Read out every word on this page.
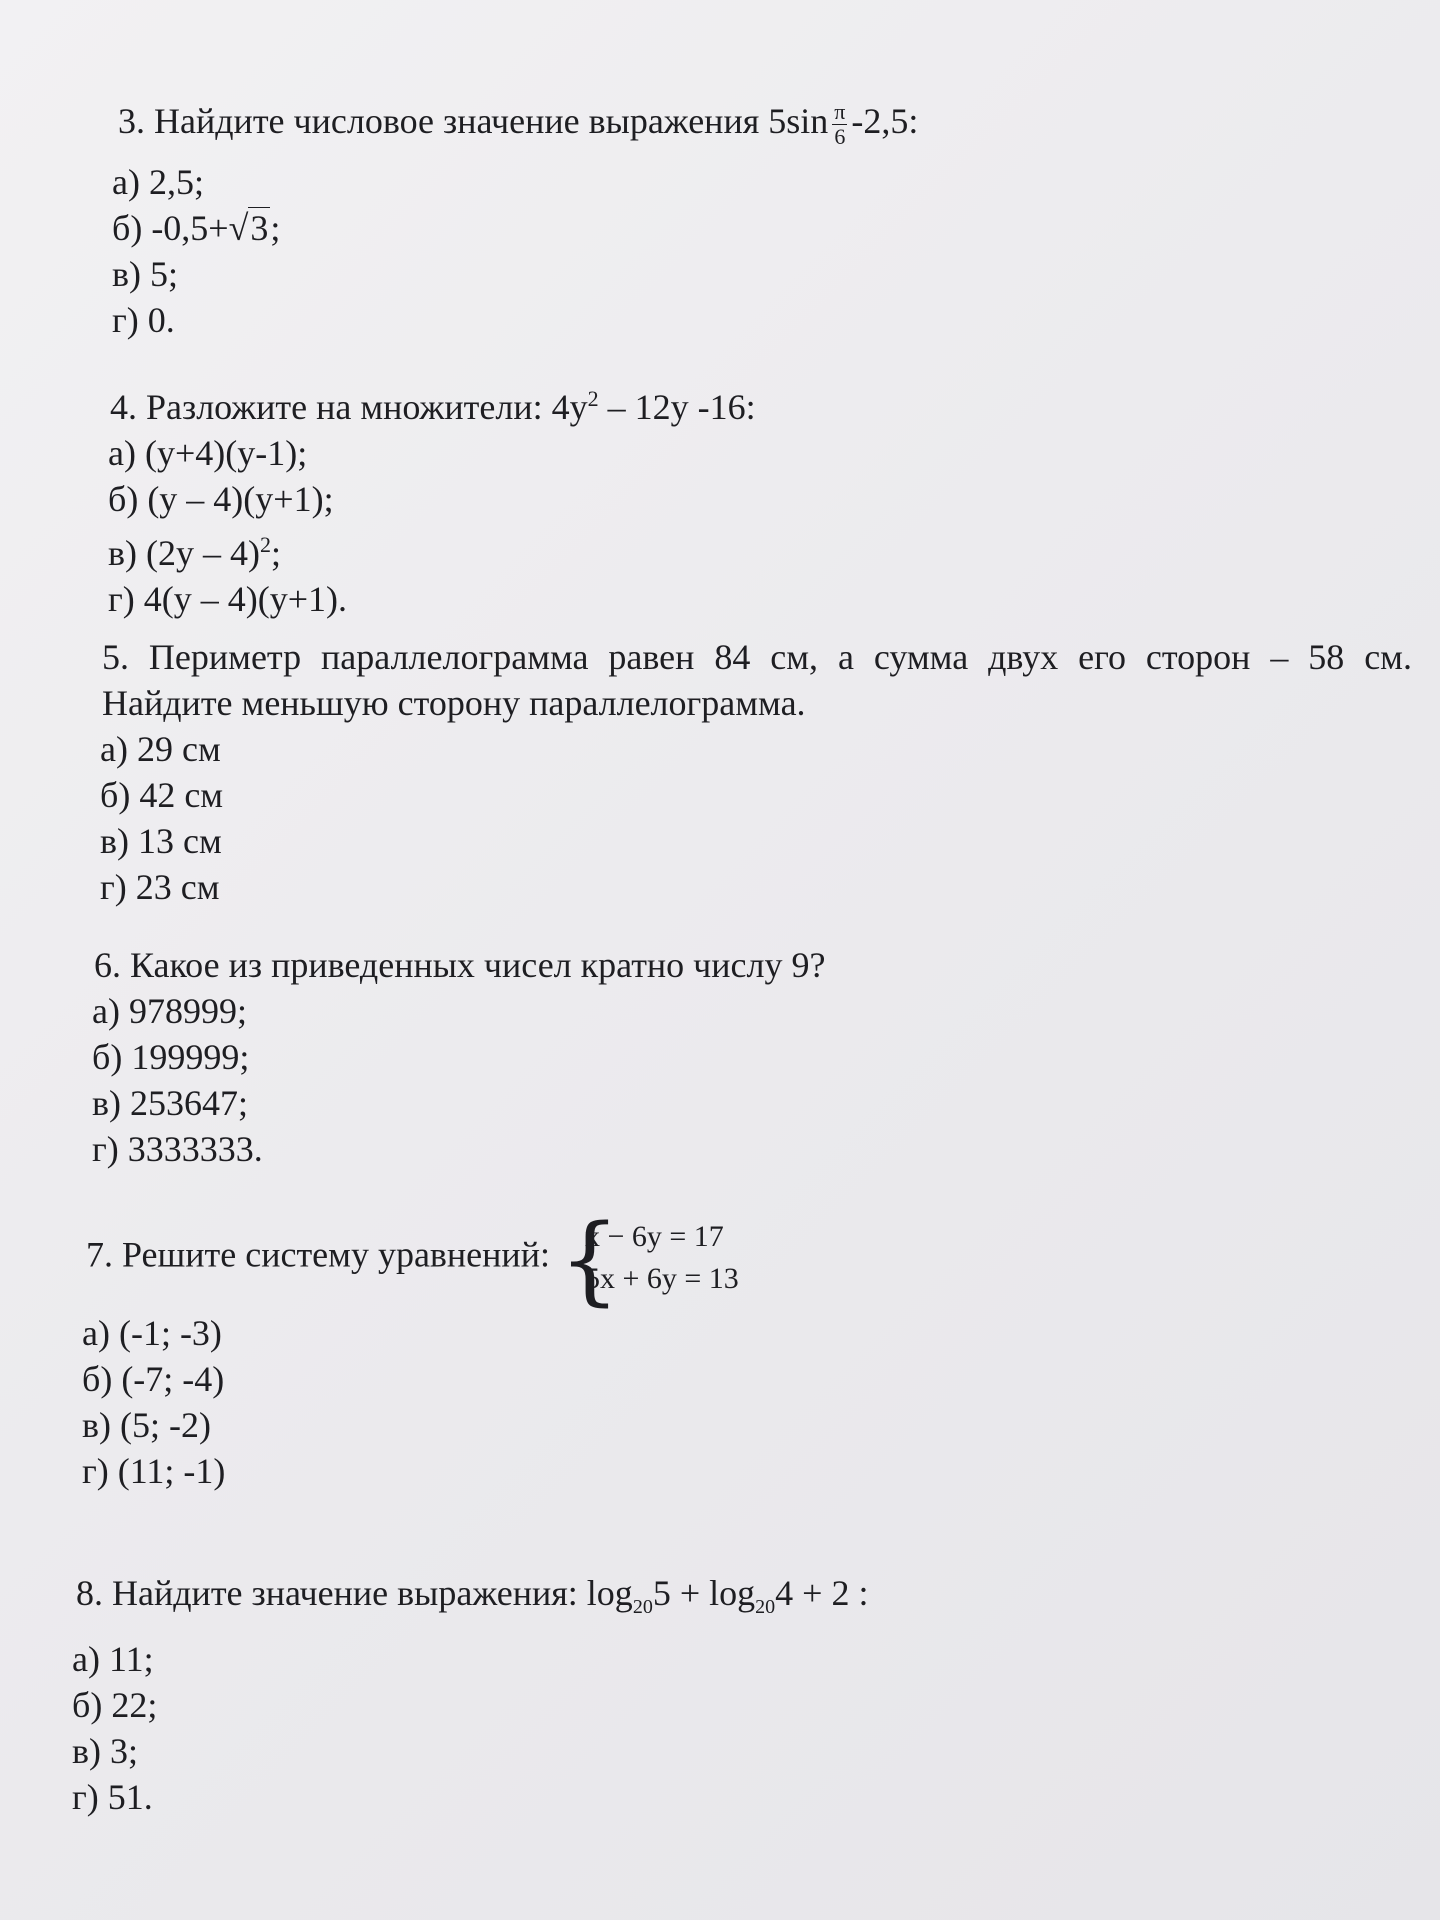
3. Найдите числовое значение выражения $5\sin \frac{\pi}{6} -2,5$:
а) 2,5;
б) -0,5+√3;
в) 5;
г) 0.
4. Разложите на множители: $4y^2 - 12y$ -16:
а) (y+4)(y-1);
б) (y – 4)(y+1);
в) (2y – 4)$^2$;
г) 4(y – 4)(y+1).
5. Периметр параллелограмма равен 84 см, а сумма двух его сторон – 58 см.
Найдите меньшую сторону параллелограмма.
а) 29 см
б) 42 см
в) 13 см
г) 23 см
6. Какое из приведенных чисел кратно числу 9?
а) 978999;
б) 199999;
в) 253647;
г) 3333333.
7. Решите систему уравнений: {
x − 6y = 17
5x + 6y = 13
а) (-1; -3)
б) (-7; -4)
в) (5; -2)
г) (11; -1)
8. Найдите значение выражения: $\log_{20}5 + \log_{20}4 + 2$ :
а) 11;
б) 22;
в) 3;
г) 51.
